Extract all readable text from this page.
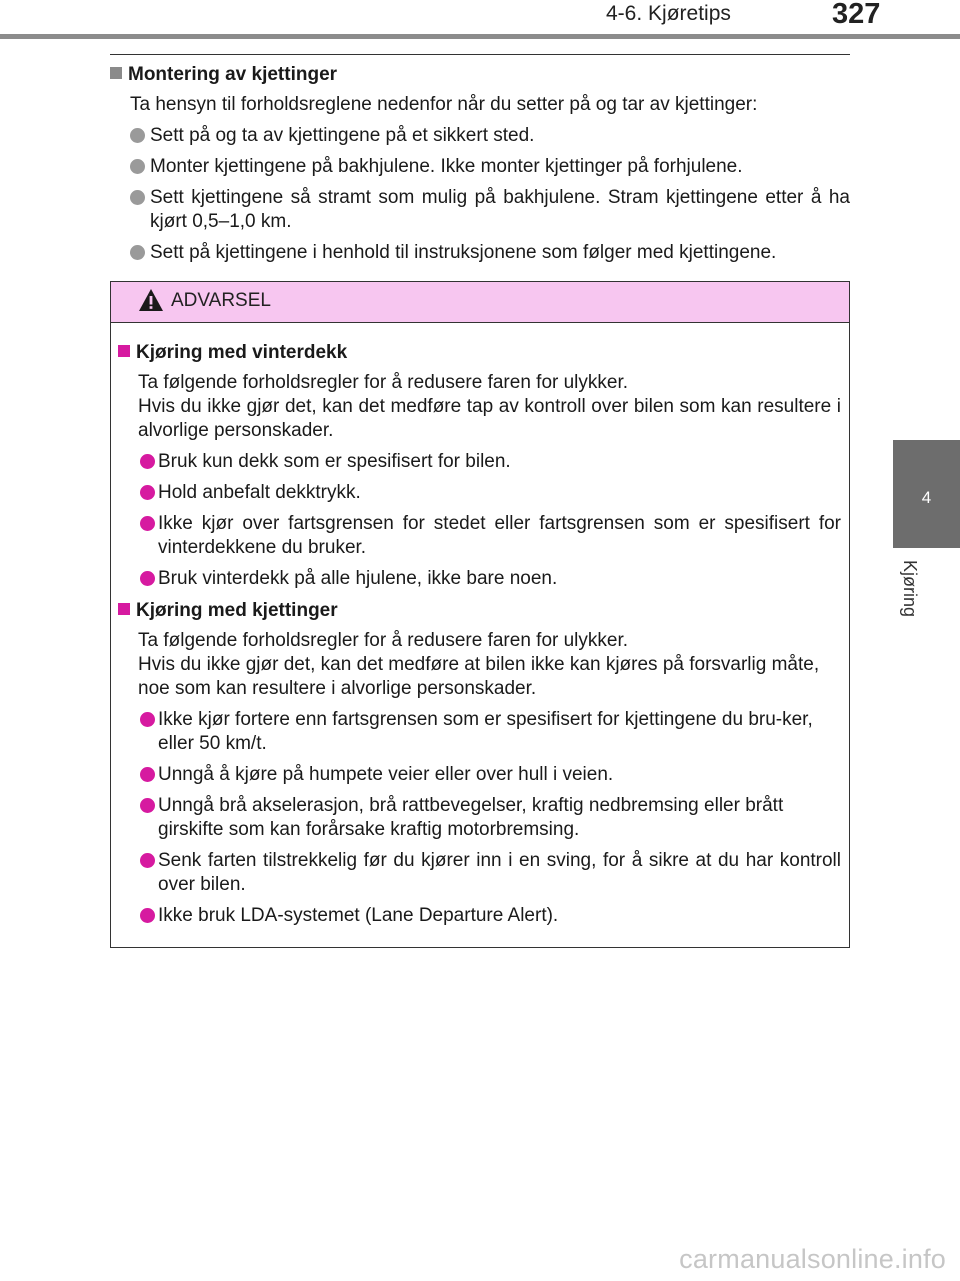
4-6. Kjøretips	327
4
Kjøring
Montering av kjettinger
Ta hensyn til forholdsreglene nedenfor når du setter på og tar av kjettinger:
Sett på og ta av kjettingene på et sikkert sted.
Monter kjettingene på bakhjulene. Ikke monter kjettinger på forhjulene.
Sett kjettingene så stramt som mulig på bakhjulene. Stram kjettingene etter å ha kjørt 0,5–1,0 km.
Sett på kjettingene i henhold til instruksjonene som følger med kjettingene.
ADVARSEL
Kjøring med vinterdekk
Ta følgende forholdsregler for å redusere faren for ulykker.
Hvis du ikke gjør det, kan det medføre tap av kontroll over bilen som kan resultere i alvorlige personskader.
Bruk kun dekk som er spesifisert for bilen.
Hold anbefalt dekktrykk.
Ikke kjør over fartsgrensen for stedet eller fartsgrensen som er spesifisert for vinterdekkene du bruker.
Bruk vinterdekk på alle hjulene, ikke bare noen.
Kjøring med kjettinger
Ta følgende forholdsregler for å redusere faren for ulykker.
Hvis du ikke gjør det, kan det medføre at bilen ikke kan kjøres på forsvarlig måte, noe som kan resultere i alvorlige personskader.
Ikke kjør fortere enn fartsgrensen som er spesifisert for kjettingene du bru-ker, eller 50 km/t.
Unngå å kjøre på humpete veier eller over hull i veien.
Unngå brå akselerasjon, brå rattbevegelser, kraftig nedbremsing eller brått girskifte som kan forårsake kraftig motorbremsing.
Senk farten tilstrekkelig før du kjører inn i en sving, for å sikre at du har kontroll over bilen.
Ikke bruk LDA-systemet (Lane Departure Alert).
carmanualsonline.info
